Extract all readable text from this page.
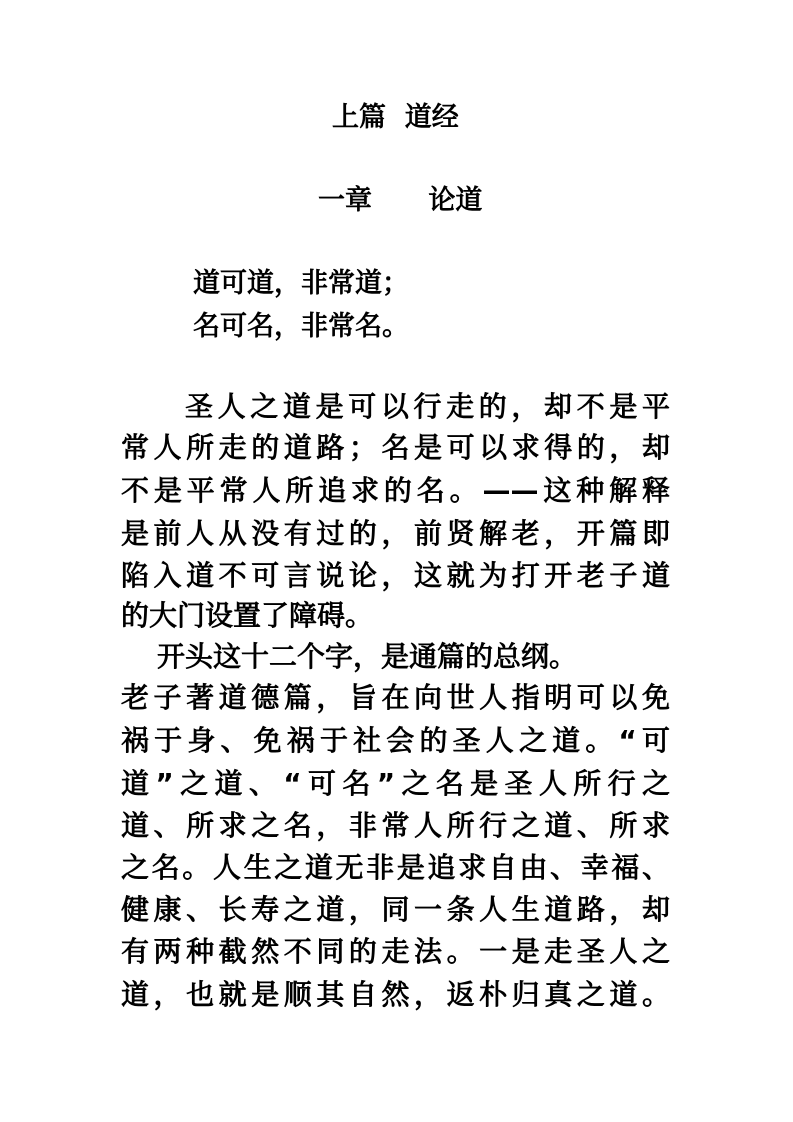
上篇  道经
一章      论道
道可道，非常道；
名可名，非常名。
圣人之道是可以行走的，却不是平
常人所走的道路；名是可以求得的，却
不是平常人所追求的名。——这种解释
是前人从没有过的，前贤解老，开篇即
陷入道不可言说论，这就为打开老子道
的大门设置了障碍。
开头这十二个字，是通篇的总纲。
老子著道德篇，旨在向世人指明可以免
祸于身、免祸于社会的圣人之道。“可
道”之道、“可名”之名是圣人所行之
道、所求之名，非常人所行之道、所求
之名。人生之道无非是追求自由、幸福、
健康、长寿之道，同一条人生道路，却
有两种截然不同的走法。一是走圣人之
道，也就是顺其自然，返朴归真之道。
